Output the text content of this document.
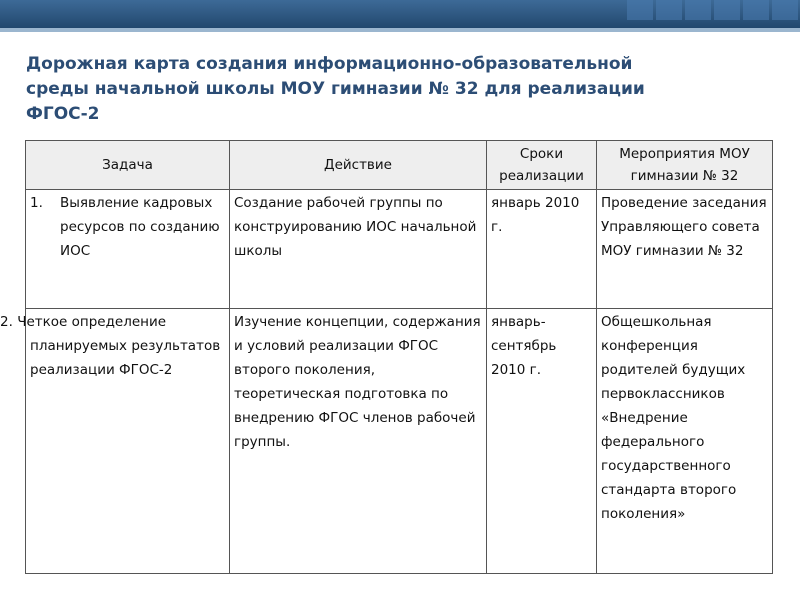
Дорожная карта создания информационно-образовательной
среды начальной школы МОУ гимназии № 32 для реализации
ФГОС-2
Задача	Действие	Сроки реализации	Мероприятия МОУ гимназии № 32
1. Выявление кадровых ресурсов по созданию ИОС	Создание рабочей группы по конструированию ИОС начальной школы	январь 2010 г.	Проведение заседания Управляющего совета МОУ гимназии № 32
2. Четкое определение планируемых результатов реализации ФГОС-2	Изучение концепции, содержания и условий реализации ФГОС второго поколения, теоретическая подготовка по внедрению ФГОС членов рабочей группы.	январь-сентябрь 2010 г.	Общешкольная конференция родителей будущих первоклассников «Внедрение федерального государственного стандарта второго поколения»
